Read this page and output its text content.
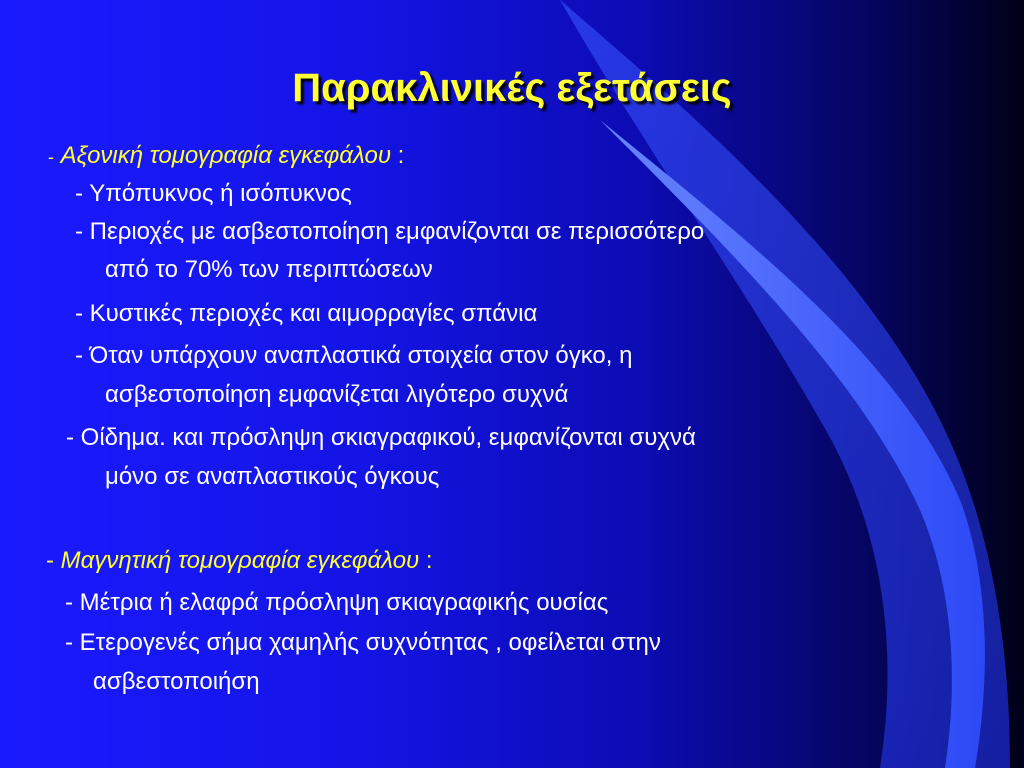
Παρακλινικές εξετάσεις
- Αξονική τομογραφία εγκεφάλου :
- Υπόπυκνος ή ισόπυκνος
- Περιοχές με ασβεστοποίηση εμφανίζονται σε περισσότερο
από το 70% των περιπτώσεων
- Κυστικές περιοχές και αιμορραγίες σπάνια
- Όταν υπάρχουν αναπλαστικά στοιχεία στον όγκο, η
ασβεστοποίηση εμφανίζεται λιγότερο συχνά
- Οίδημα. και πρόσληψη σκιαγραφικού, εμφανίζονται συχνά
μόνο σε αναπλαστικούς όγκους
- Μαγνητική τομογραφία εγκεφάλου :
- Μέτρια ή ελαφρά πρόσληψη σκιαγραφικής ουσίας
- Ετερογενές σήμα χαμηλής συχνότητας , οφείλεται στην
ασβεστοποιήση
